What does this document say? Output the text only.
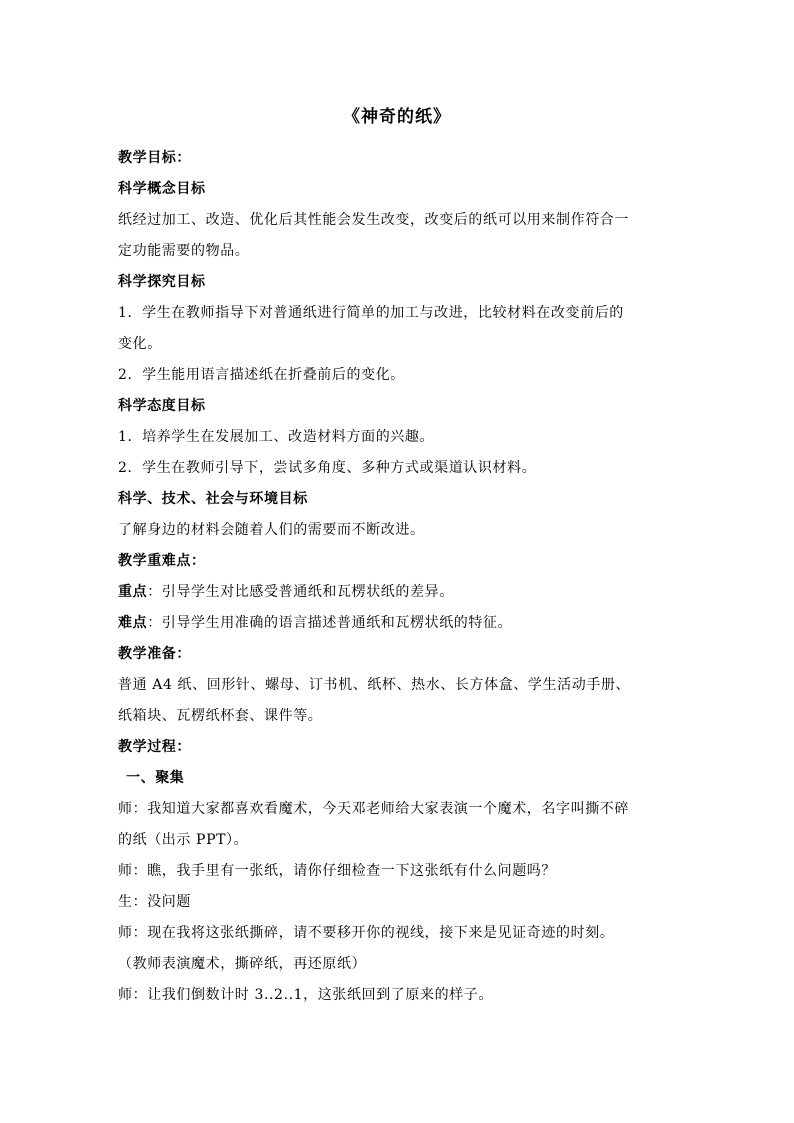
《神奇的纸》
教学目标：
科学概念目标
纸经过加工、改造、优化后其性能会发生改变，改变后的纸可以用来制作符合一
定功能需要的物品。
科学探究目标
1．学生在教师指导下对普通纸进行简单的加工与改进，比较材料在改变前后的
变化。
2．学生能用语言描述纸在折叠前后的变化。
科学态度目标
1．培养学生在发展加工、改造材料方面的兴趣。
2．学生在教师引导下，尝试多角度、多种方式或渠道认识材料。
科学、技术、社会与环境目标
了解身边的材料会随着人们的需要而不断改进。
教学重难点：
重点：引导学生对比感受普通纸和瓦楞状纸的差异。
难点：引导学生用准确的语言描述普通纸和瓦楞状纸的特征。
教学准备：
普通 A4 纸、回形针、螺母、订书机、纸杯、热水、长方体盒、学生活动手册、
纸箱块、瓦楞纸杯套、课件等。
教学过程：
一、聚集
师：我知道大家都喜欢看魔术，今天邓老师给大家表演一个魔术，名字叫撕不碎
的纸（出示 PPT）。
师：瞧，我手里有一张纸，请你仔细检查一下这张纸有什么问题吗？
生：没问题
师：现在我将这张纸撕碎，请不要移开你的视线，接下来是见证奇迹的时刻。
（教师表演魔术，撕碎纸，再还原纸）
师：让我们倒数计时 3..2..1，这张纸回到了原来的样子。
